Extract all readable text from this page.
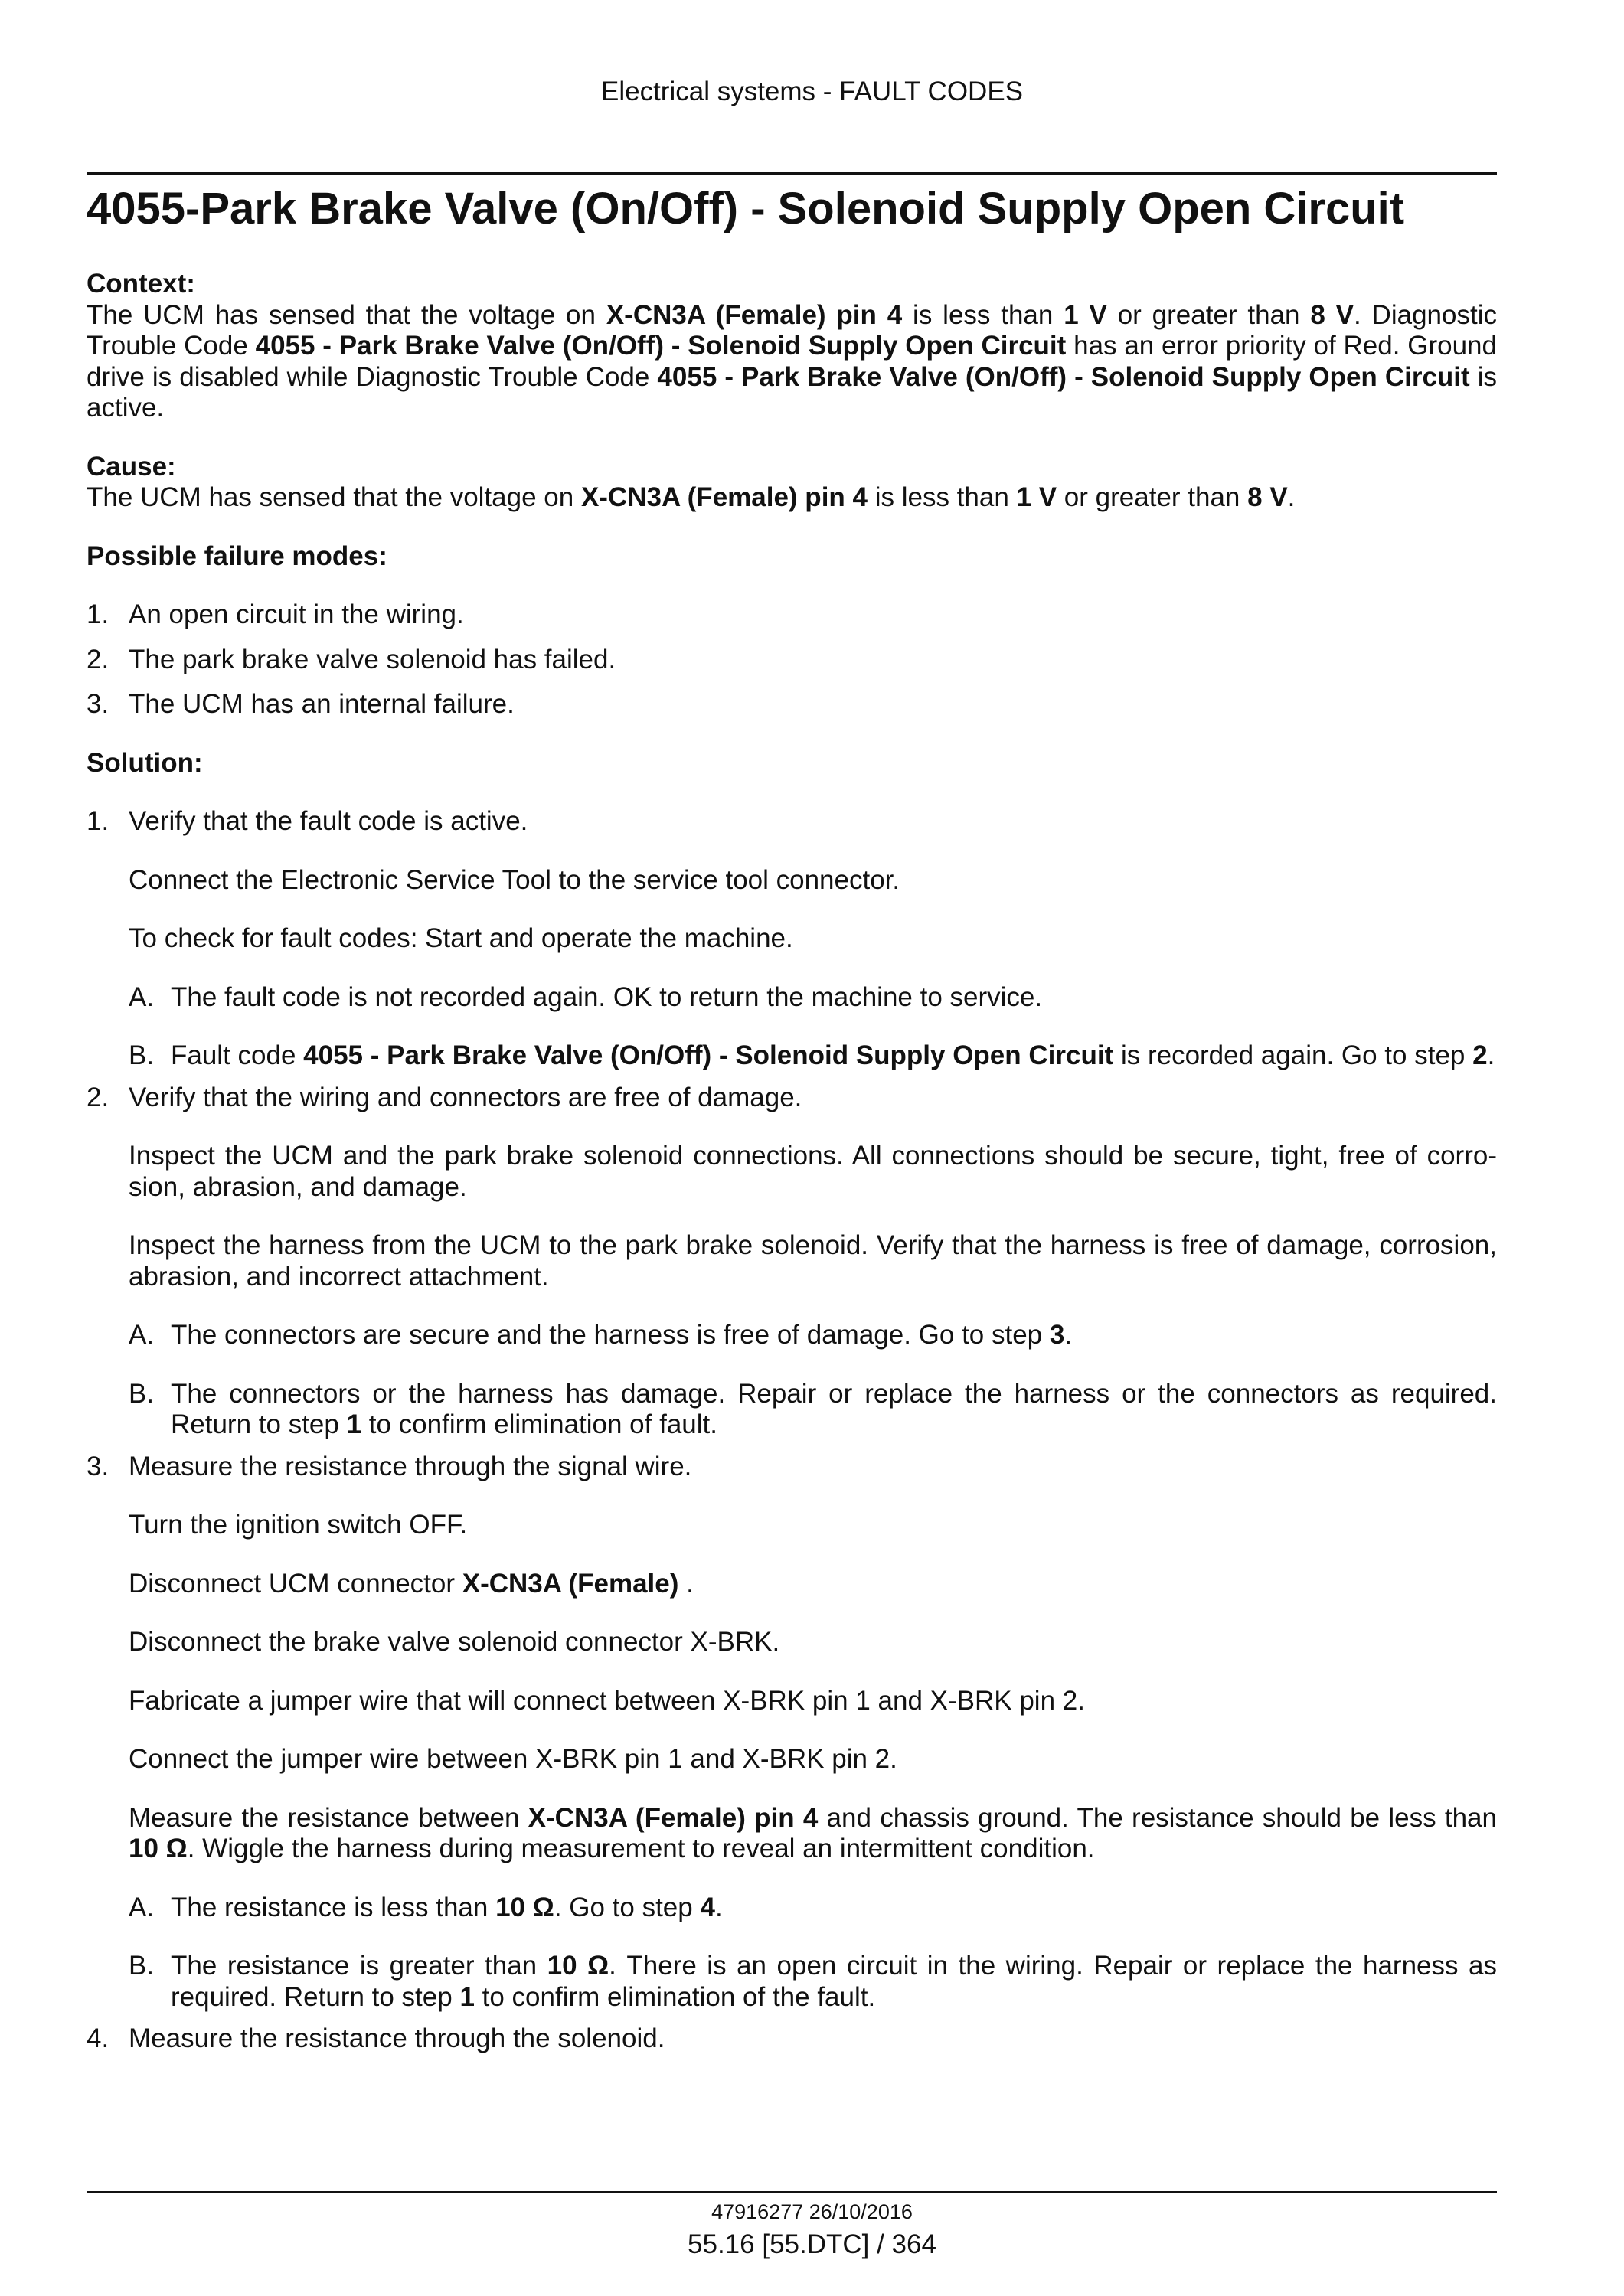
Electrical systems - FAULT CODES
4055-Park Brake Valve (On/Off) - Solenoid Supply Open Circuit

Context:

The UCM has sensed that the voltage on X-CN3A (Female) pin 4 is less than 1 V or greater than 8 V. Diagnostic Trouble Code 4055 - Park Brake Valve (On/Off) - Solenoid Supply Open Circuit has an error priority of Red. Ground drive is disabled while Diagnostic Trouble Code 4055 - Park Brake Valve (On/Off) - Solenoid Supply Open Circuit is active.

Cause:

The UCM has sensed that the voltage on X-CN3A (Female) pin 4 is less than 1 V or greater than 8 V.

Possible failure modes:

1. An open circuit in the wiring.
2. The park brake valve solenoid has failed.
3. The UCM has an internal failure.

Solution:

1. Verify that the fault code is active.

Connect the Electronic Service Tool to the service tool connector.

To check for fault codes: Start and operate the machine.

A. The fault code is not recorded again. OK to return the machine to service.
B. Fault code 4055 - Park Brake Valve (On/Off) - Solenoid Supply Open Circuit is recorded again. Go to step 2.
2. Verify that the wiring and connectors are free of damage.

Inspect the UCM and the park brake solenoid connections. All connections should be secure, tight, free of corro-sion, abrasion, and damage.

Inspect the harness from the UCM to the park brake solenoid. Verify that the harness is free of damage, corrosion, abrasion, and incorrect attachment.

A. The connectors are secure and the harness is free of damage. Go to step 3.
B. The connectors or the harness has damage. Repair or replace the harness or the connectors as required. Return to step 1 to confirm elimination of fault.
3. Measure the resistance through the signal wire.

Turn the ignition switch OFF.

Disconnect UCM connector X-CN3A (Female) .

Disconnect the brake valve solenoid connector X-BRK.

Fabricate a jumper wire that will connect between X-BRK pin 1 and X-BRK pin 2.

Connect the jumper wire between X-BRK pin 1 and X-BRK pin 2.

Measure the resistance between X-CN3A (Female) pin 4 and chassis ground. The resistance should be less than 10 Ω. Wiggle the harness during measurement to reveal an intermittent condition.

A. The resistance is less than 10 Ω. Go to step 4.
B. The resistance is greater than 10 Ω. There is an open circuit in the wiring. Repair or replace the harness as required. Return to step 1 to confirm elimination of the fault.
4. Measure the resistance through the solenoid.

47916277 26/10/2016
55.16 [55.DTC] / 364
